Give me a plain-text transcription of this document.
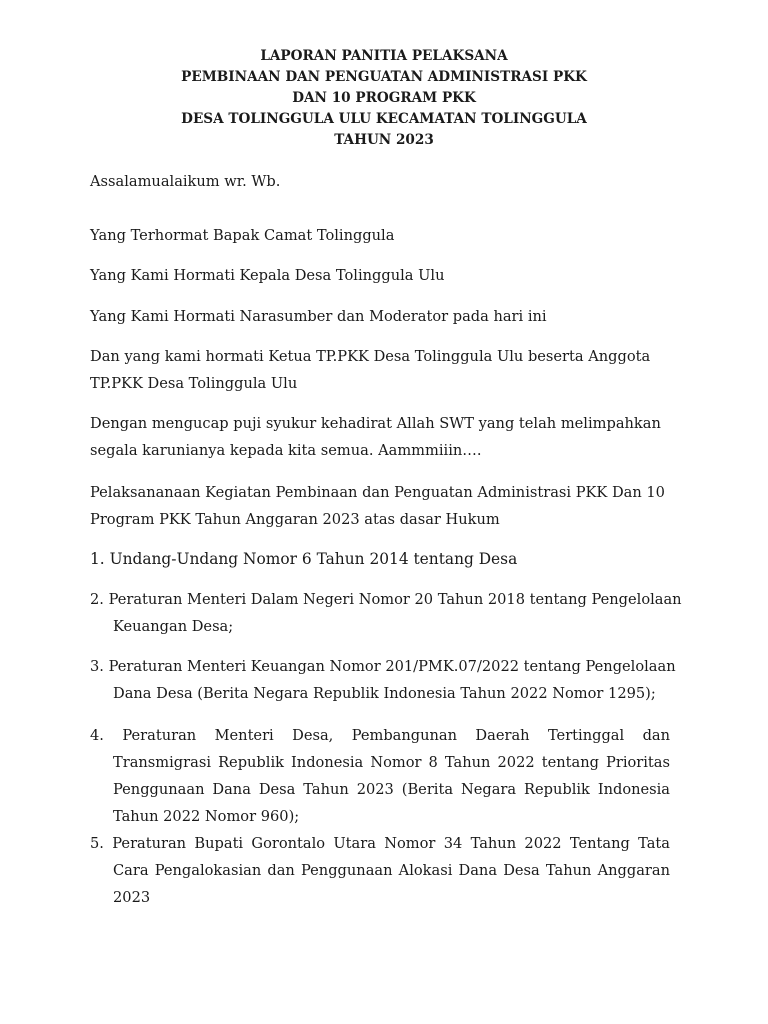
LAPORAN PANITIA PELAKSANA
PEMBINAAN DAN PENGUATAN ADMINISTRASI PKK
DAN 10 PROGRAM PKK
DESA TOLINGGULA ULU KECAMATAN TOLINGGULA
TAHUN 2023
Assalamualaikum wr. Wb.
Yang Terhormat Bapak Camat Tolinggula
Yang Kami Hormati Kepala Desa Tolinggula Ulu
Yang Kami Hormati Narasumber dan Moderator pada hari ini
Dan yang kami hormati Ketua TP.PKK Desa Tolinggula Ulu beserta Anggota
TP.PKK Desa Tolinggula Ulu
Dengan mengucap puji syukur kehadirat Allah SWT yang telah melimpahkan
segala karunianya kepada kita semua. Aammmiiin….
Pelaksananaan Kegiatan Pembinaan dan Penguatan Administrasi PKK Dan 10
Program PKK Tahun Anggaran 2023 atas dasar Hukum
1. Undang-Undang Nomor 6 Tahun 2014 tentang Desa
2. Peraturan Menteri Dalam Negeri Nomor 20 Tahun 2018 tentang Pengelolaan
Keuangan Desa;
3. Peraturan Menteri Keuangan Nomor 201/PMK.07/2022 tentang Pengelolaan
Dana Desa (Berita Negara Republik Indonesia Tahun 2022 Nomor 1295);
4. Peraturan Menteri Desa, Pembangunan Daerah Tertinggal dan
Transmigrasi Republik Indonesia Nomor 8 Tahun 2022 tentang Prioritas
Penggunaan Dana Desa Tahun 2023 (Berita Negara Republik Indonesia
Tahun 2022 Nomor 960);
5. Peraturan Bupati Gorontalo Utara Nomor 34 Tahun 2022 Tentang Tata
Cara Pengalokasian dan Penggunaan Alokasi Dana Desa Tahun Anggaran
2023
